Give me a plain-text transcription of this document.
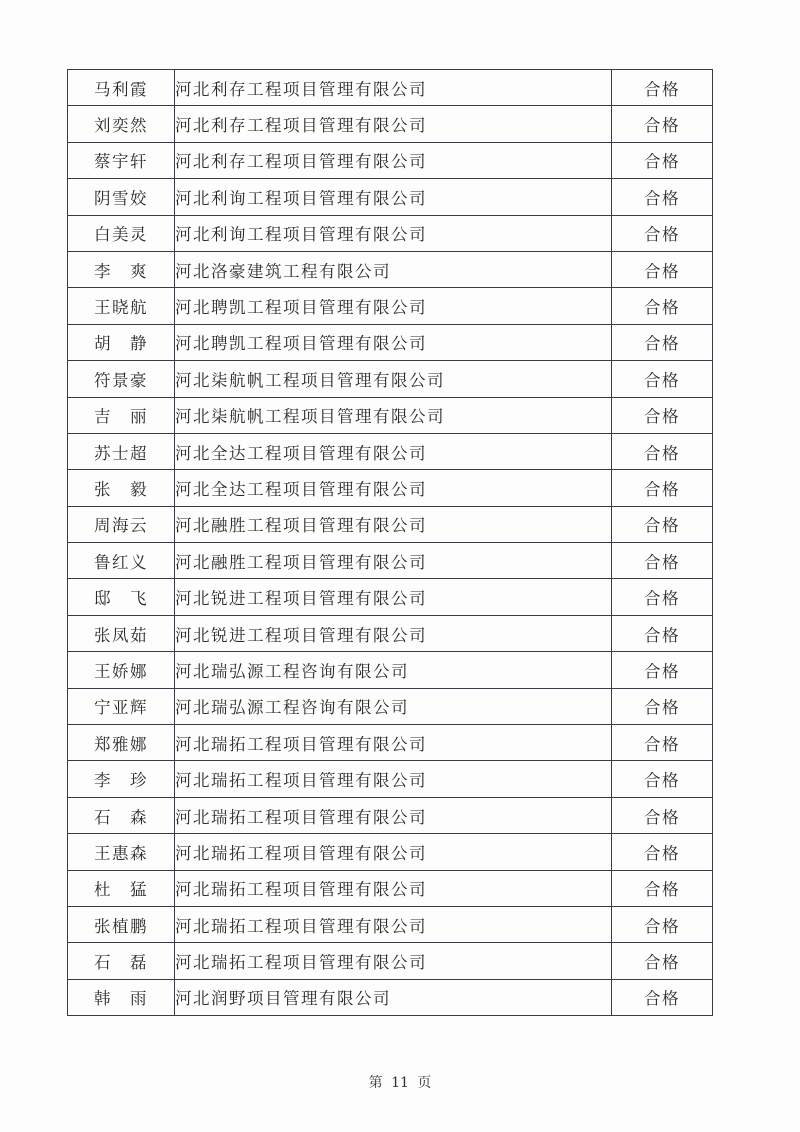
马利霞	河北利存工程项目管理有限公司	合格
刘奕然	河北利存工程项目管理有限公司	合格
蔡宇轩	河北利存工程项目管理有限公司	合格
阴雪姣	河北利询工程项目管理有限公司	合格
白美灵	河北利询工程项目管理有限公司	合格
李　爽	河北洛豪建筑工程有限公司	合格
王晓航	河北聘凯工程项目管理有限公司	合格
胡　静	河北聘凯工程项目管理有限公司	合格
符景豪	河北柒航帆工程项目管理有限公司	合格
吉　丽	河北柒航帆工程项目管理有限公司	合格
苏士超	河北全达工程项目管理有限公司	合格
张　毅	河北全达工程项目管理有限公司	合格
周海云	河北融胜工程项目管理有限公司	合格
鲁红义	河北融胜工程项目管理有限公司	合格
邸　飞	河北锐进工程项目管理有限公司	合格
张凤茹	河北锐进工程项目管理有限公司	合格
王娇娜	河北瑞弘源工程咨询有限公司	合格
宁亚辉	河北瑞弘源工程咨询有限公司	合格
郑雅娜	河北瑞拓工程项目管理有限公司	合格
李　珍	河北瑞拓工程项目管理有限公司	合格
石　森	河北瑞拓工程项目管理有限公司	合格
王惠森	河北瑞拓工程项目管理有限公司	合格
杜　猛	河北瑞拓工程项目管理有限公司	合格
张植鹏	河北瑞拓工程项目管理有限公司	合格
石　磊	河北瑞拓工程项目管理有限公司	合格
韩　雨	河北润野项目管理有限公司	合格
第 11 页
